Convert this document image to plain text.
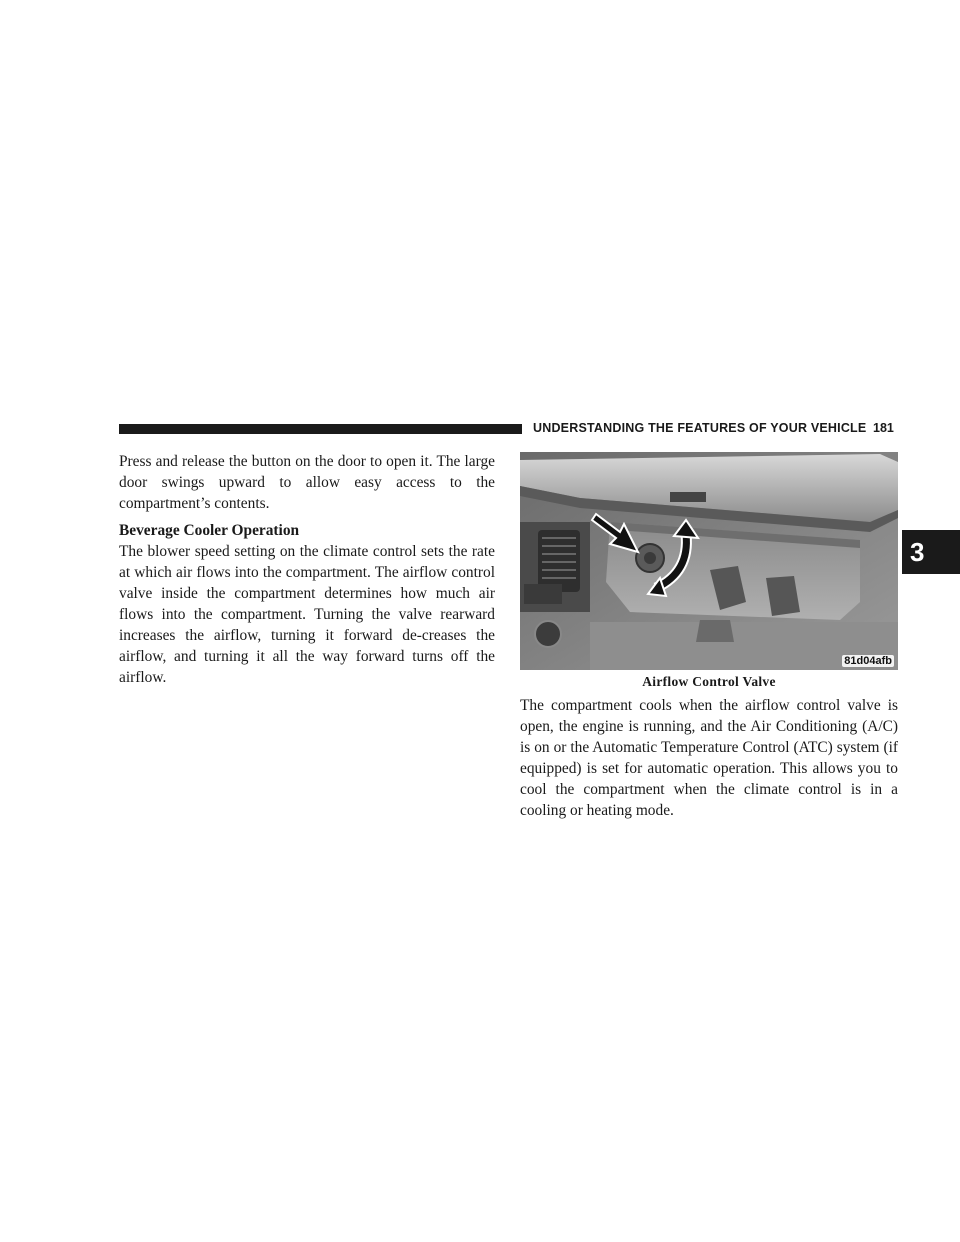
UNDERSTANDING THE FEATURES OF YOUR VEHICLE 181
3

Press and release the button on the door to open it. The large door swings upward to allow easy access to the compartment’s contents.

Beverage Cooler Operation

The blower speed setting on the climate control sets the rate at which air flows into the compartment. The airflow control valve inside the compartment determines how much air flows into the compartment. Turning the valve rearward increases the airflow, turning it forward de-creases the airflow, and turning it all the way forward turns off the airflow.

81d04afb
Airflow Control Valve

The compartment cools when the airflow control valve is open, the engine is running, and the Air Conditioning (A/C) is on or the Automatic Temperature Control (ATC) system (if equipped) is set for automatic operation. This allows you to cool the compartment when the climate control is in a cooling or heating mode.
